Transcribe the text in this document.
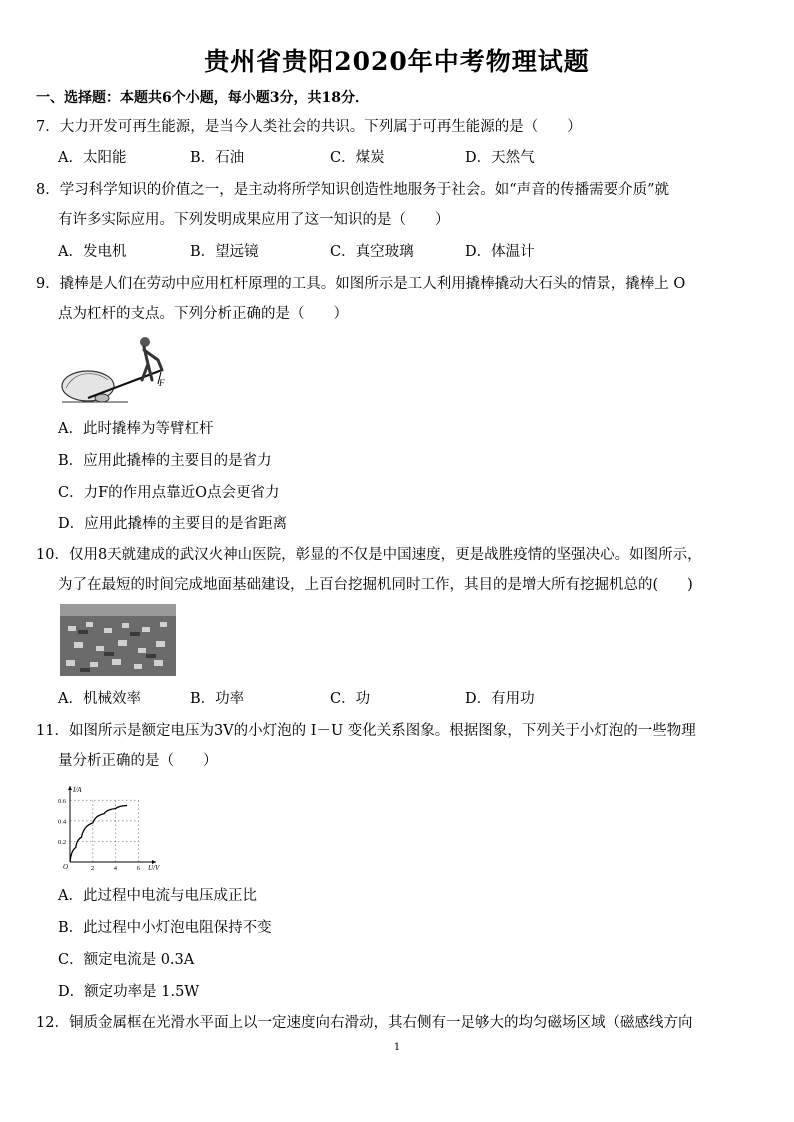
贵州省贵阳2020年中考物理试题
一、选择题：本题共6个小题，每小题3分，共18分．
7．大力开发可再生能源，是当今人类社会的共识。下列属于可再生能源的是（　　）
A．太阳能	B．石油	C．煤炭	D．天然气
8．学习科学知识的价值之一，是主动将所学知识创造性地服务于社会。如“声音的传播需要介质”就
有许多实际应用。下列发明成果应用了这一知识的是（　　）
A．发电机	B．望远镜	C．真空玻璃	D．体温计
9．撬棒是人们在劳动中应用杠杆原理的工具。如图所示是工人利用撬棒撬动大石头的情景，撬棒上 O
点为杠杆的支点。下列分析正确的是（　　）
F
A．此时撬棒为等臂杠杆
B．应用此撬棒的主要目的是省力
C．力F的作用点靠近O点会更省力
D．应用此撬棒的主要目的是省距离
10．仅用8天就建成的武汉火神山医院，彰显的不仅是中国速度，更是战胜疫情的坚强决心。如图所示，
为了在最短的时间完成地面基础建设，上百台挖掘机同时工作，其目的是增大所有挖掘机总的(　　)
A．机械效率	B．功率	C．功	D．有用功
11．如图所示是额定电压为3V的小灯泡的 I－U 变化关系图象。根据图象，下列关于小灯泡的一些物理
量分析正确的是（　　）
I/A
U/V
O
0.6
0.4
0.2
2	4	6
A．此过程中电流与电压成正比
B．此过程中小灯泡电阻保持不变
C．额定电流是 0.3A
D．额定功率是 1.5W
12．铜质金属框在光滑水平面上以一定速度向右滑动，其右侧有一足够大的均匀磁场区域（磁感线方向
1
